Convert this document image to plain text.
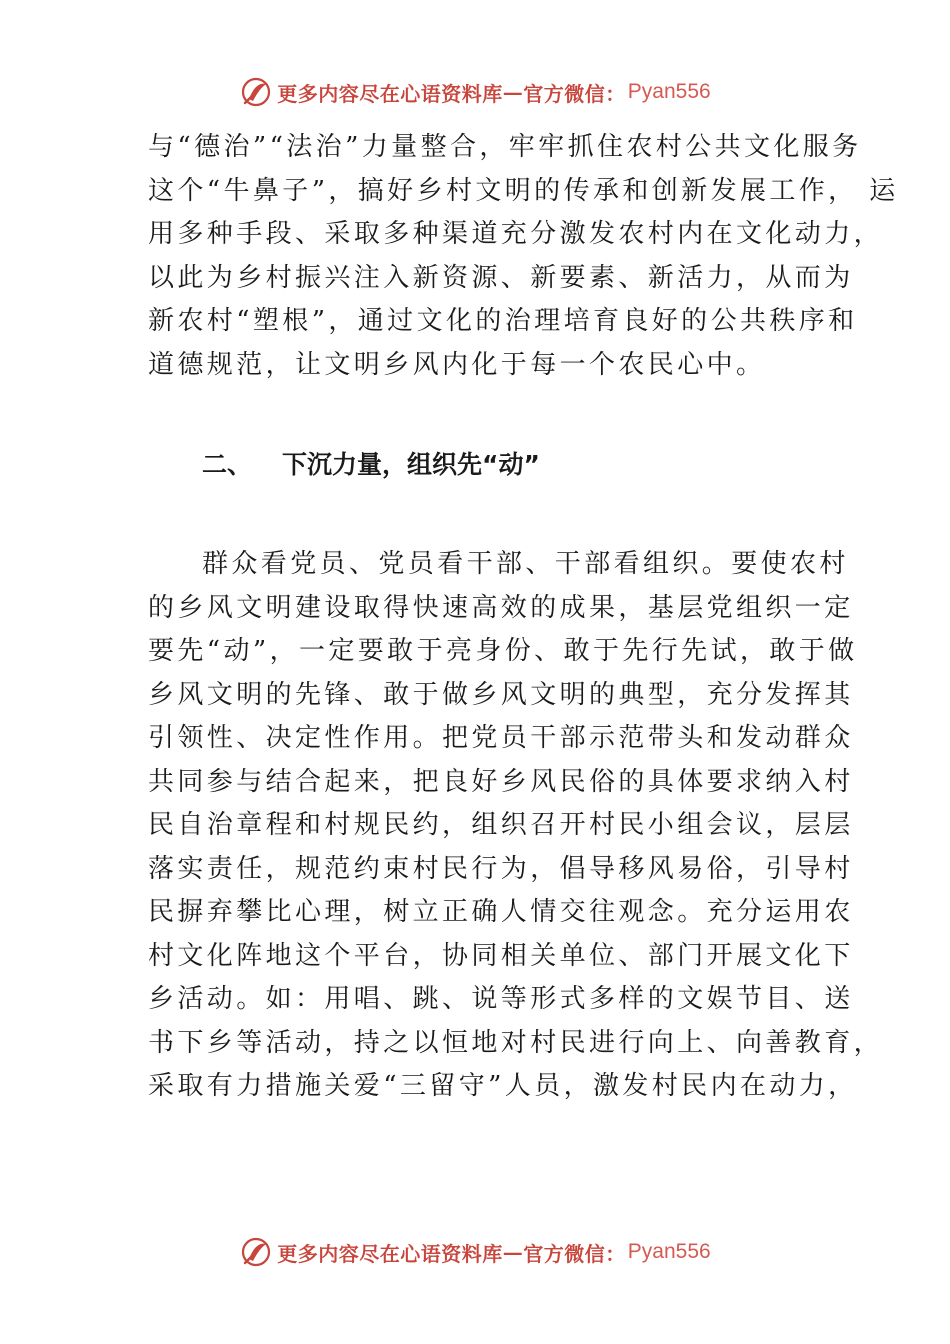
更多内容尽在心语资料库 — 官方微信： Pyan556
与“德治”“法治”力量整合，牢牢抓住农村公共文化服务
这个“牛鼻子”，搞好乡村文明的传承和创新发展工作， 运
用多种手段、采取多种渠道充分激发农村内在文化动力，
以此为乡村振兴注入新资源、新要素、新活力，从而为
新农村“塑根”，通过文化的治理培育良好的公共秩序和
道德规范，让文明乡风内化于每一个农民心中。
二、 下沉力量，组织先“动”
群众看党员、党员看干部、干部看组织。要使农村
的乡风文明建设取得快速高效的成果，基层党组织一定
要先“动”，一定要敢于亮身份、敢于先行先试，敢于做
乡风文明的先锋、敢于做乡风文明的典型，充分发挥其
引领性、决定性作用。把党员干部示范带头和发动群众
共同参与结合起来，把良好乡风民俗的具体要求纳入村
民自治章程和村规民约，组织召开村民小组会议，层层
落实责任，规范约束村民行为，倡导移风易俗，引导村
民摒弃攀比心理，树立正确人情交往观念。充分运用农
村文化阵地这个平台，协同相关单位、部门开展文化下
乡活动。如：用唱、跳、说等形式多样的文娱节目、送
书下乡等活动，持之以恒地对村民进行向上、向善教育，
采取有力措施关爱“三留守”人员，激发村民内在动力，
更多内容尽在心语资料库 — 官方微信： Pyan556
